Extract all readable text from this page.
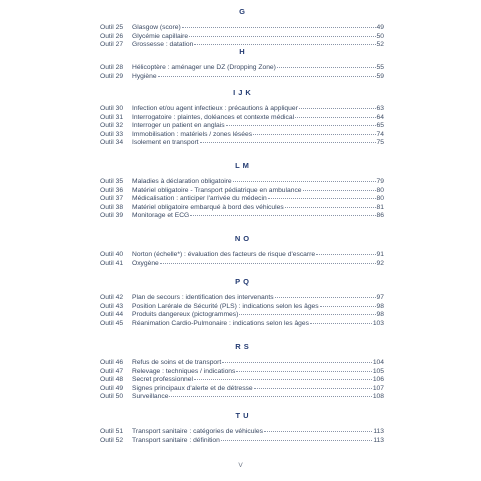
G
Outil 25	Glasgow (score)	49
Outil 26	Glycémie capillaire	50
Outil 27	Grossesse : datation	52
H
Outil 28	Hélicoptère : aménager une DZ (Dropping Zone)	55
Outil 29	Hygiène	59
IJK
Outil 30	Infection et/ou agent infectieux : précautions à appliquer	63
Outil 31	Interrogatoire : plaintes, doléances et contexte médical	64
Outil 32	Interroger un patient en anglais	65
Outil 33	Immobilisation : matériels / zones lésées	74
Outil 34	Isolement en transport	75
LM
Outil 35	Maladies à déclaration obligatoire	79
Outil 36	Matériel obligatoire - Transport pédiatrique en ambulance	80
Outil 37	Médicalisation : anticiper l'arrivée du médecin	80
Outil 38	Matériel obligatoire embarqué à bord des véhicules	81
Outil 39	Monitorage et ECG	86
NO
Outil 40	Norton (échelle*) : évaluation des facteurs de risque d'escarre	91
Outil 41	Oxygène	92
PQ
Outil 42	Plan de secours : identification des intervenants	97
Outil 43	Position Larérale de Sécurité (PLS) : indications selon les âges	98
Outil 44	Produits dangereux (pictogrammes)	98
Outil 45	Réanimation Cardio-Pulmonaire : indications selon les âges	103
RS
Outil 46	Refus de soins et de transport	104
Outil 47	Relevage : techniques / indications	105
Outil 48	Secret professionnel	106
Outil 49	Signes principaux d'alerte et de détresse	107
Outil 50	Surveillance	108
TU
Outil 51	Transport sanitaire : catégories de véhicules	113
Outil 52	Transport sanitaire : définition	113
V
